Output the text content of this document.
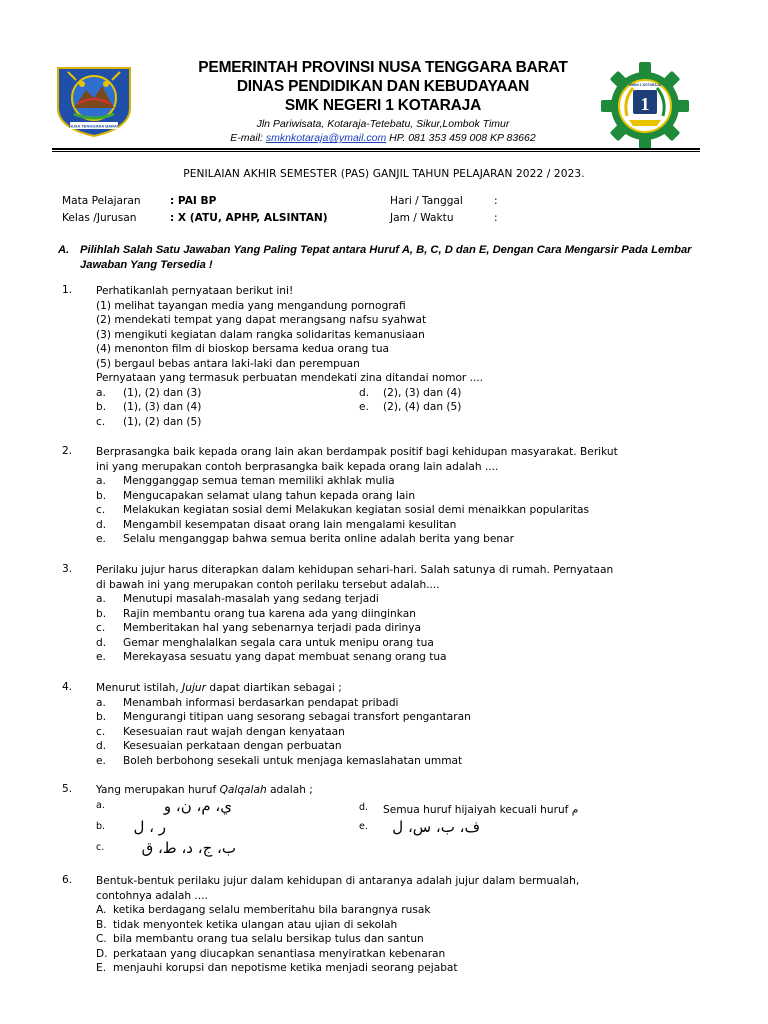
NUSA TENGGARA BARAT
PEMERINTAH PROVINSI NUSA TENGGARA BARAT
DINAS PENDIDIKAN DAN KEBUDAYAAN
SMK NEGERI 1 KOTARAJA
Jln Pariwisata, Kotaraja-Tetebatu, Sikur,Lombok Timur
E-mail: smknkotaraja@ymail.com HP. 081 353 459 008 KP 83662
1
SMKN 1 KOTARAJA
PENILAIAN AKHIR SEMESTER (PAS) GANJIL TAHUN PELAJARAN 2022 / 2023.
Mata Pelajaran	: PAI BP
Kelas /Jurusan	: X (ATU, APHP, ALSINTAN)
Hari / Tanggal	:
Jam / Waktu	:
A. Pilihlah Salah Satu Jawaban Yang Paling Tepat antara Huruf A, B, C, D dan E, Dengan Cara Mengarsir Pada Lembar Jawaban Yang Tersedia !
1. Perhatikanlah pernyataan berikut ini!
(1) melihat tayangan media yang mengandung pornografi
(2) mendekati tempat yang dapat merangsang nafsu syahwat
(3) mengikuti kegiatan dalam rangka solidaritas kemanusiaan
(4) menonton film di bioskop bersama kedua orang tua
(5) bergaul bebas antara laki-laki dan perempuan
Pernyataan yang termasuk perbuatan mendekati zina ditandai nomor ....
a. (1), (2) dan (3)
b. (1), (3) dan (4)
c. (1), (2) dan (5)
d. (2), (3) dan (4)
e. (2), (4) dan (5)
2. Berprasangka baik kepada orang lain akan berdampak positif bagi kehidupan masyarakat. Berikut
ini yang merupakan contoh berprasangka baik kepada orang lain adalah ....
a. Mengganggap semua teman memiliki akhlak mulia
b. Mengucapakan selamat ulang tahun kepada orang lain
c. Melakukan kegiatan sosial demi Melakukan kegiatan sosial demi menaikkan popularitas
d. Mengambil kesempatan disaat orang lain mengalami kesulitan
e. Selalu menganggap bahwa semua berita online adalah berita yang benar
3. Perilaku jujur harus diterapkan dalam kehidupan sehari-hari. Salah satunya di rumah. Pernyataan
di bawah ini yang merupakan contoh perilaku tersebut adalah....
a. Menutupi masalah-masalah yang sedang terjadi
b. Rajin membantu orang tua karena ada yang diinginkan
c. Memberitakan hal yang sebenarnya terjadi pada dirinya
d. Gemar menghalalkan segala cara untuk menipu orang tua
e. Merekayasa sesuatu yang dapat membuat senang orang tua
4. Menurut istilah, Jujur dapat diartikan sebagai ;
a. Menambah informasi berdasarkan pendapat pribadi
b. Mengurangi titipan uang sesorang sebagai transfort pengantaran
c. Kesesuaian raut wajah dengan kenyataan
d. Kesesuaian perkataan dengan perbuatan
e. Boleh berbohong sesekali untuk menjaga kemaslahatan ummat
5. Yang merupakan huruf Qalqalah adalah ;
a.	ي، م، ن، و
b.	ر ، ل
c.	ب، ج، د، ط، ق
d. Semua huruf hijaiyah kecuali huruf م
e.	ف، ب، س، ل
6. Bentuk-bentuk perilaku jujur dalam kehidupan di antaranya adalah jujur dalam bermualah,
contohnya adalah ....
A. ketika berdagang selalu memberitahu bila barangnya rusak
B. tidak menyontek ketika ulangan atau ujian di sekolah
C. bila membantu orang tua selalu bersikap tulus dan santun
D. perkataan yang diucapkan senantiasa menyiratkan kebenaran
E. menjauhi korupsi dan nepotisme ketika menjadi seorang pejabat
